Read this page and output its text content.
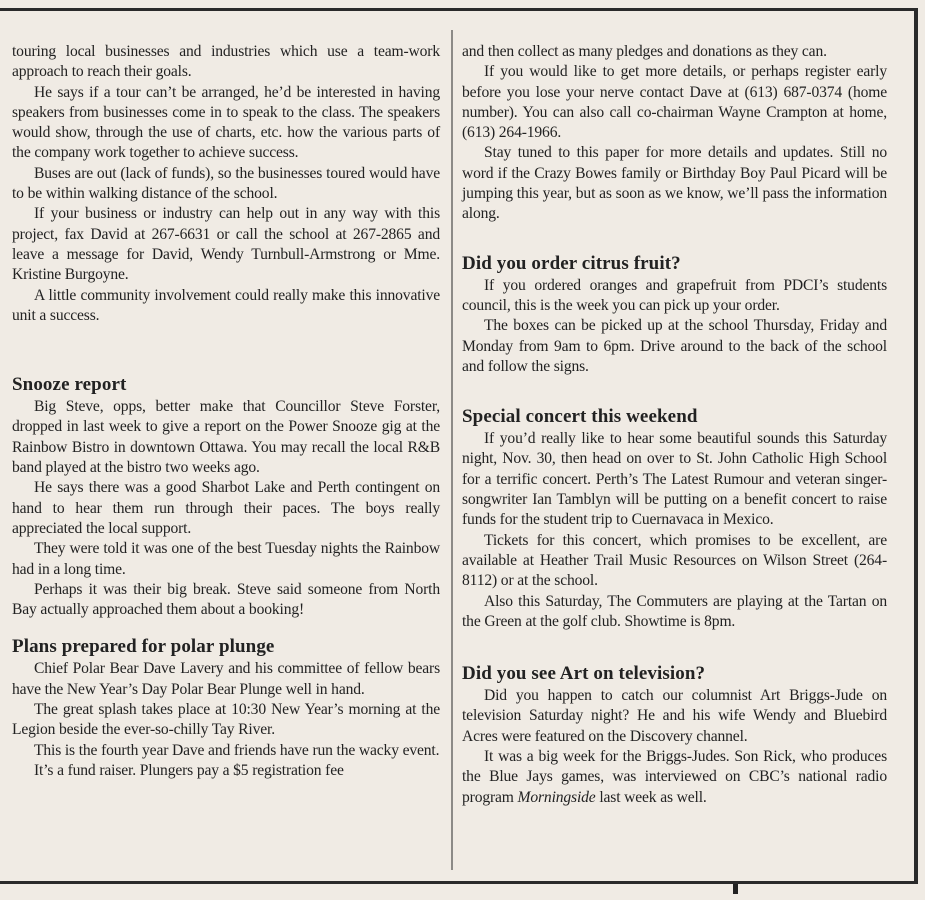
touring local businesses and industries which use a team-work approach to reach their goals.

He says if a tour can’t be arranged, he’d be interested in having speakers from businesses come in to speak to the class. The speakers would show, through the use of charts, etc. how the various parts of the company work together to achieve success.

Buses are out (lack of funds), so the businesses toured would have to be within walking distance of the school.

If your business or industry can help out in any way with this project, fax David at 267-6631 or call the school at 267-2865 and leave a message for David, Wendy Turnbull-Armstrong or Mme. Kristine Burgoyne.

A little community involvement could really make this innovative unit a success.

Snooze report

Big Steve, opps, better make that Councillor Steve Forster, dropped in last week to give a report on the Power Snooze gig at the Rainbow Bistro in downtown Ottawa. You may recall the local R&B band played at the bistro two weeks ago.

He says there was a good Sharbot Lake and Perth contingent on hand to hear them run through their paces. The boys really appreciated the local support.

They were told it was one of the best Tuesday nights the Rainbow had in a long time.

Perhaps it was their big break. Steve said someone from North Bay actually approached them about a booking!

Plans prepared for polar plunge

Chief Polar Bear Dave Lavery and his committee of fellow bears have the New Year’s Day Polar Bear Plunge well in hand.

The great splash takes place at 10:30 New Year’s morning at the Legion beside the ever-so-chilly Tay River.

This is the fourth year Dave and friends have run the wacky event.

It’s a fund raiser. Plungers pay a $5 registration fee

and then collect as many pledges and donations as they can.

If you would like to get more details, or perhaps register early before you lose your nerve contact Dave at (613) 687-0374 (home number). You can also call co-chairman Wayne Crampton at home, (613) 264-1966.

Stay tuned to this paper for more details and updates. Still no word if the Crazy Bowes family or Birthday Boy Paul Picard will be jumping this year, but as soon as we know, we’ll pass the information along.

Did you order citrus fruit?

If you ordered oranges and grapefruit from PDCI’s students council, this is the week you can pick up your order.

The boxes can be picked up at the school Thursday, Friday and Monday from 9am to 6pm. Drive around to the back of the school and follow the signs.

Special concert this weekend

If you’d really like to hear some beautiful sounds this Saturday night, Nov. 30, then head on over to St. John Catholic High School for a terrific concert. Perth’s The Latest Rumour and veteran singer-songwriter Ian Tamblyn will be putting on a benefit concert to raise funds for the student trip to Cuernavaca in Mexico.

Tickets for this concert, which promises to be excellent, are available at Heather Trail Music Resources on Wilson Street (264-8112) or at the school.

Also this Saturday, The Commuters are playing at the Tartan on the Green at the golf club. Showtime is 8pm.

Did you see Art on television?

Did you happen to catch our columnist Art Briggs-Jude on television Saturday night? He and his wife Wendy and Bluebird Acres were featured on the Discovery channel.

It was a big week for the Briggs-Judes. Son Rick, who produces the Blue Jays games, was interviewed on CBC’s national radio program Morningside last week as well.
